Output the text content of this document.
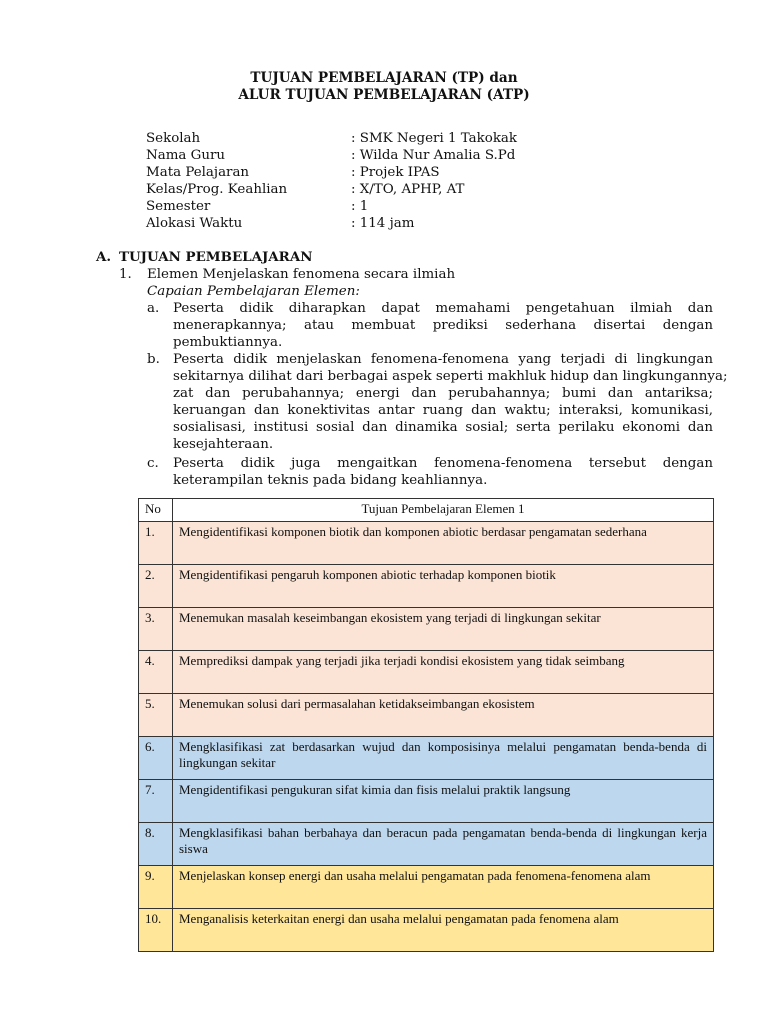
TUJUAN PEMBELAJARAN (TP) dan
ALUR TUJUAN PEMBELAJARAN (ATP)
Sekolah	: SMK Negeri 1 Takokak
Nama Guru	: Wilda Nur Amalia S.Pd
Mata Pelajaran	: Projek IPAS
Kelas/Prog. Keahlian	: X/TO, APHP, AT
Semester	: 1
Alokasi Waktu	: 114 jam
A. TUJUAN PEMBELAJARAN
1. Elemen Menjelaskan fenomena secara ilmiah
Capaian Pembelajaran Elemen:
a. Peserta didik diharapkan dapat memahami pengetahuan ilmiah dan
menerapkannya; atau membuat prediksi sederhana disertai dengan
pembuktiannya.
b. Peserta didik menjelaskan fenomena-fenomena yang terjadi di lingkungan
sekitarnya dilihat dari berbagai aspek seperti makhluk hidup dan lingkungannya;
zat dan perubahannya; energi dan perubahannya; bumi dan antariksa;
keruangan dan konektivitas antar ruang dan waktu; interaksi, komunikasi,
sosialisasi, institusi sosial dan dinamika sosial; serta perilaku ekonomi dan
kesejahteraan.
c. Peserta didik juga mengaitkan fenomena-fenomena tersebut dengan
keterampilan teknis pada bidang keahliannya.
No	Tujuan Pembelajaran Elemen 1
1.	Mengidentifikasi komponen biotik dan komponen abiotic berdasar pengamatan sederhana
2.	Mengidentifikasi pengaruh komponen abiotic terhadap komponen biotik
3.	Menemukan masalah keseimbangan ekosistem yang terjadi di lingkungan sekitar
4.	Memprediksi dampak yang terjadi jika terjadi kondisi ekosistem yang tidak seimbang
5.	Menemukan solusi dari permasalahan ketidakseimbangan ekosistem
6.	Mengklasifikasi zat berdasarkan wujud dan komposisinya melalui pengamatan benda-benda di lingkungan sekitar
7.	Mengidentifikasi pengukuran sifat kimia dan fisis melalui praktik langsung
8.	Mengklasifikasi bahan berbahaya dan beracun pada pengamatan benda-benda di lingkungan kerja siswa
9.	Menjelaskan konsep energi dan usaha melalui pengamatan pada fenomena-fenomena alam
10.	Menganalisis keterkaitan energi dan usaha melalui pengamatan pada fenomena alam
